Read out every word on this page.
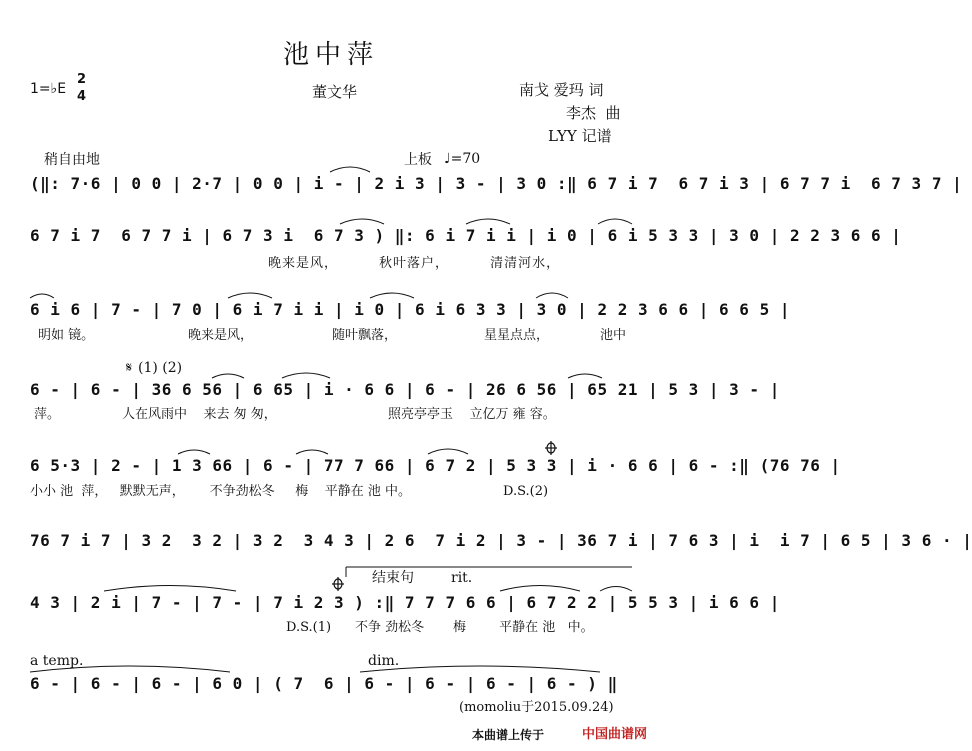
池中萍
1=♭E
2
4	董文华	南戈 爱玛 词
李杰  曲
LYY 记谱
稍自由地	上板 ♩=70
(‖: 7·6 | 0 0 | 2·7 | 0 0 | i - | 2 i 3 | 3 - | 3 0 :‖ 6 7 i 7  6 7 i 3 | 6 7 7 i  6 7 3 7 |
6 7 i 7  6 7 7 i | 6 7 3 i  6 7 3 ) ‖: 6 i 7 i i | i 0 | 6 i 5 3 3 | 3 0 | 2 2 3 6 6 |
晚来是风，        秋叶落户，        清清河水，
6 i 6 | 7 - | 7 0 | 6 i 7 i i | i 0 | 6 i 6 3 3 | 3 0 | 2 2 3 6 6 | 6 6 5 |
明如 镜。	晚来是风，	随叶飘落，	星星点点，	池中
𝄋 (1) (2)
6 - | 6 - | 36 6 56 | 6 65 | i · 6 6 | 6 - | 26 6 56 | 65 21 | 5 3 | 3 - |
萍。	人在风雨中    来去 匆 匆，	照亮亭亭玉    立亿万 雍 容。
6 5·3 | 2 - | 1 3 66 | 6 - | 77 7 66 | 6 7 2 | 5 3 3 | i · 6 6 | 6 - :‖ (76 76 |
小小 池  萍，   默默无声，      不争劲松冬     梅    平静在 池 中。	D.S.(2)
76 7 i 7 | 3 2  3 2 | 3 2  3 4 3 | 2 6  7 i 2 | 3 - | 36 7 i | 7 6 3 | i  i 7 | 6 5 | 3 6 · |
结束句	rit.
4 3 | 2 i | 7 - | 7 - | 7 i 2 3 ) :‖ 7 7 7 6 6 | 6 7 2 2 | 5 5 3 | i 6 6 |
D.S.(1) 不争 劲松冬       梅        平静在 池   中。
a temp.	dim.
6 - | 6 - | 6 - | 6 0 | ( 7  6 | 6 - | 6 - | 6 - | 6 - ) ‖
(momoliu于2015.09.24)
本曲谱上传于	中国曲谱网
